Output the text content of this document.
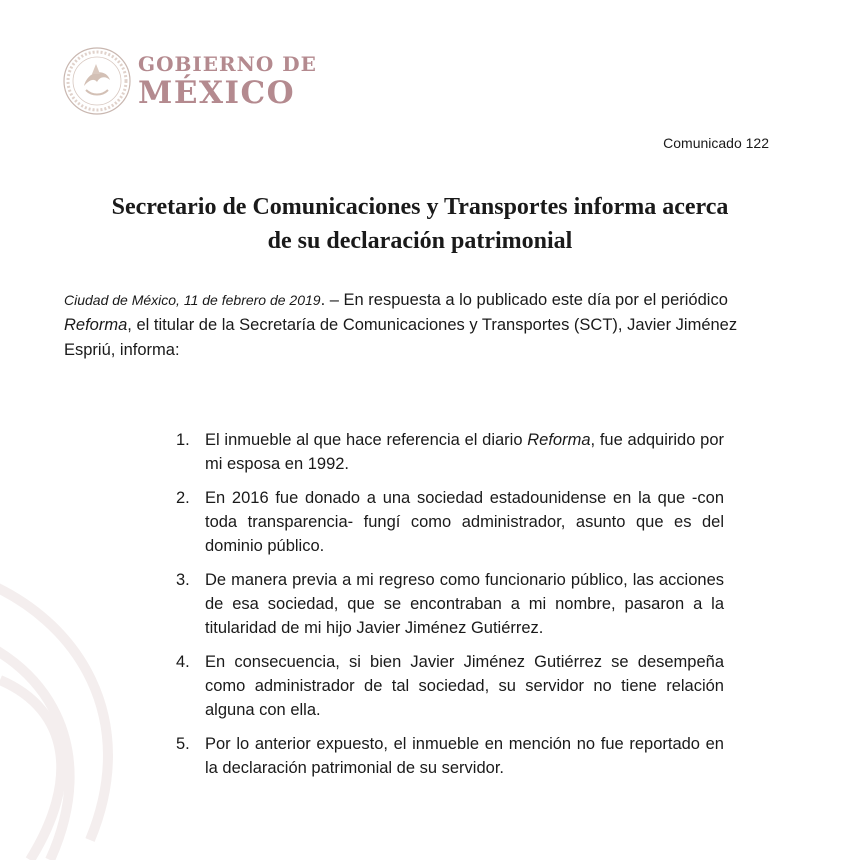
GOBIERNO DE
MÉXICO
Comunicado 122
Secretario de Comunicaciones y Transportes informa acerca
de su declaración patrimonial

Ciudad de México, 11 de febrero de 2019. – En respuesta a lo publicado este día por el periódico Reforma, el titular de la Secretaría de Comunicaciones y Transportes (SCT), Javier Jiménez Espriú, informa:

1. El inmueble al que hace referencia el diario Reforma, fue adquirido por mi esposa en 1992.
2. En 2016 fue donado a una sociedad estadounidense en la que -con toda transparencia- fungí como administrador, asunto que es del dominio público.
3. De manera previa a mi regreso como funcionario público, las acciones de esa sociedad, que se encontraban a mi nombre, pasaron a la titularidad de mi hijo Javier Jiménez Gutiérrez.
4. En consecuencia, si bien Javier Jiménez Gutiérrez se desempeña como administrador de tal sociedad, su servidor no tiene relación alguna con ella.
5. Por lo anterior expuesto, el inmueble en mención no fue reportado en la declaración patrimonial de su servidor.
